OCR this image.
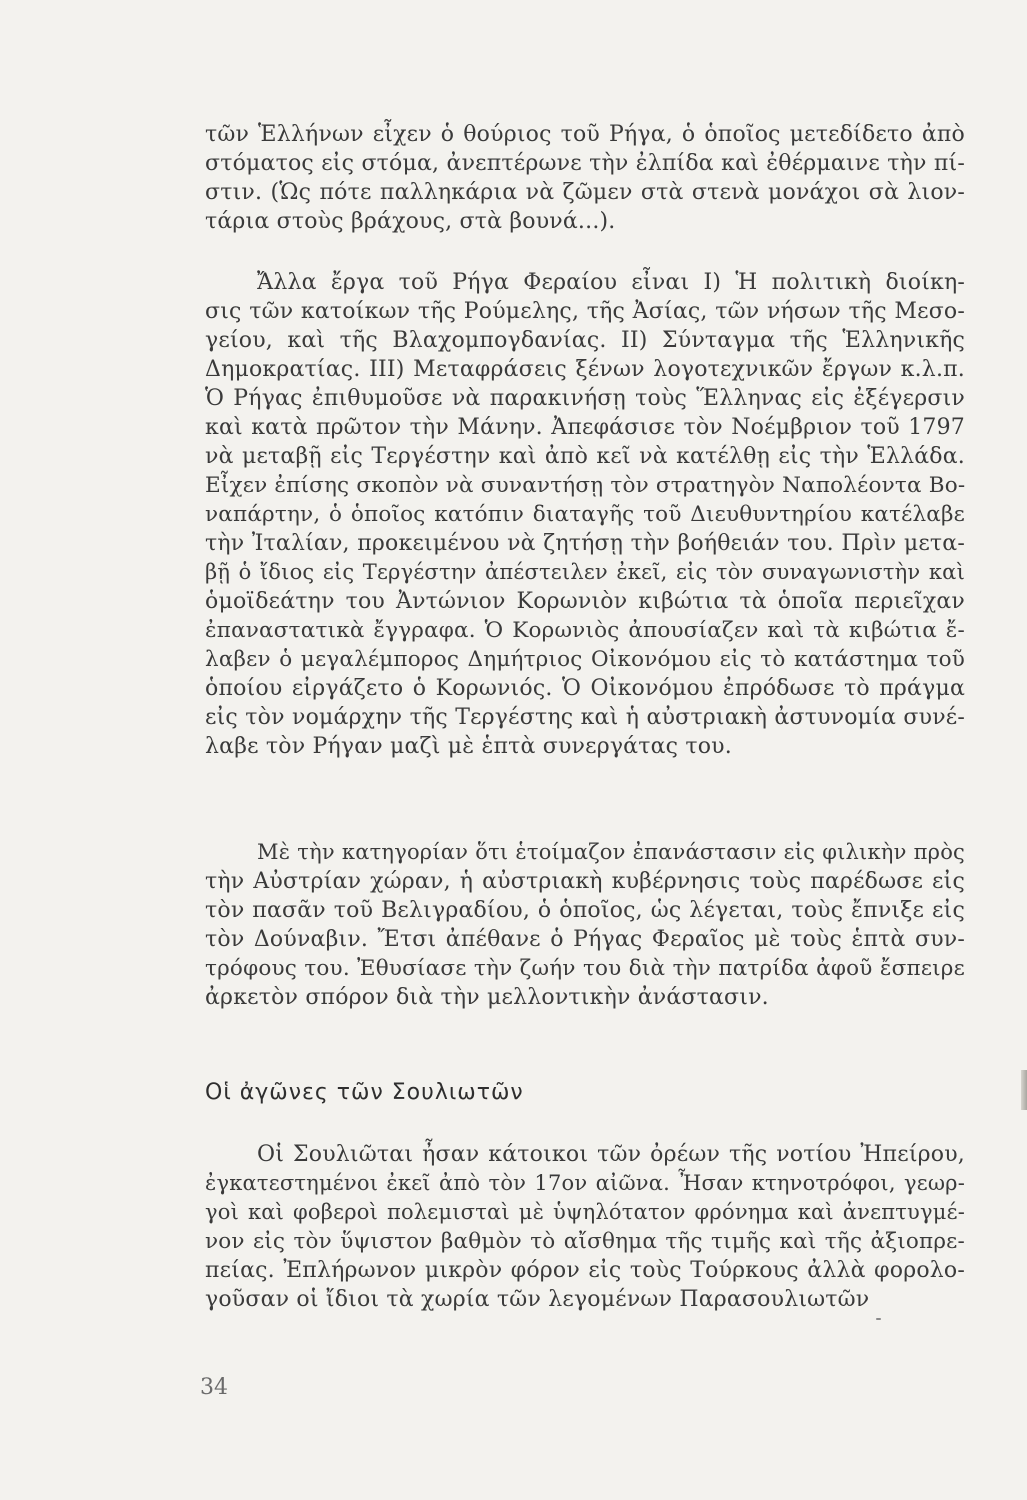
τῶν Ἑλλήνων εἶχεν ὁ θούριος τοῦ Ρήγα, ὁ ὁποῖος μετεδίδετο ἀπὸ
στόματος εἰς στόμα, ἀνεπτέρωνε τὴν ἐλπίδα καὶ ἐθέρμαινε τὴν πί-
στιν. (Ὡς πότε παλληκάρια νὰ ζῶμεν στὰ στενὰ μονάχοι σὰ λιον-
τάρια στοὺς βράχους, στὰ βουνά...).
Ἄλλα ἔργα τοῦ Ρήγα Φεραίου εἶναι Ι) Ἡ πολιτικὴ διοίκη-
σις τῶν κατοίκων τῆς Ρούμελης, τῆς Ἀσίας, τῶν νήσων τῆς Μεσο-
γείου, καὶ τῆς Βλαχομπογδανίας. ΙΙ) Σύνταγμα τῆς Ἑλληνικῆς
Δημοκρατίας. ΙΙΙ) Μεταφράσεις ξένων λογοτεχνικῶν ἔργων κ.λ.π.
Ὁ Ρήγας ἐπιθυμοῦσε νὰ παρακινήσῃ τοὺς Ἕλληνας εἰς ἐξέγερσιν
καὶ κατὰ πρῶτον τὴν Μάνην. Ἀπεφάσισε τὸν Νοέμβριον τοῦ 1797
νὰ μεταβῇ εἰς Τεργέστην καὶ ἀπὸ κεῖ νὰ κατέλθῃ εἰς τὴν Ἑλλάδα.
Εἶχεν ἐπίσης σκοπὸν νὰ συναντήσῃ τὸν στρατηγὸν Ναπολέοντα Βο-
ναπάρτην, ὁ ὁποῖος κατόπιν διαταγῆς τοῦ Διευθυντηρίου κατέλαβε
τὴν Ἰταλίαν, προκειμένου νὰ ζητήσῃ τὴν βοήθειάν του. Πρὶν μετα-
βῇ ὁ ἴδιος εἰς Τεργέστην ἀπέστειλεν ἐκεῖ, εἰς τὸν συναγωνιστὴν καὶ
ὁμοϊδεάτην του Ἀντώνιον Κορωνιὸν κιβώτια τὰ ὁποῖα περιεῖχαν
ἐπαναστατικὰ ἔγγραφα. Ὁ Κορωνιὸς ἀπουσίαζεν καὶ τὰ κιβώτια ἔ-
λαβεν ὁ μεγαλέμπορος Δημήτριος Οἰκονόμου εἰς τὸ κατάστημα τοῦ
ὁποίου εἰργάζετο ὁ Κορωνιός. Ὁ Οἰκονόμου ἐπρόδωσε τὸ πράγμα
εἰς τὸν νομάρχην τῆς Τεργέστης καὶ ἡ αὐστριακὴ ἀστυνομία συνέ-
λαβε τὸν Ρήγαν μαζὶ μὲ ἑπτὰ συνεργάτας του.
Μὲ τὴν κατηγορίαν ὅτι ἑτοίμαζον ἐπανάστασιν εἰς φιλικὴν πρὸς
τὴν Αὐστρίαν χώραν, ἡ αὐστριακὴ κυβέρνησις τοὺς παρέδωσε εἰς
τὸν πασᾶν τοῦ Βελιγραδίου, ὁ ὁποῖος, ὡς λέγεται, τοὺς ἔπνιξε εἰς
τὸν Δούναβιν. Ἔτσι ἀπέθανε ὁ Ρήγας Φεραῖος μὲ τοὺς ἑπτὰ συν-
τρόφους του. Ἐθυσίασε τὴν ζωήν του διὰ τὴν πατρίδα ἀφοῦ ἔσπειρε
ἀρκετὸν σπόρον διὰ τὴν μελλοντικὴν ἀνάστασιν.
Οἱ ἀγῶνες τῶν Σουλιωτῶν
Οἱ Σουλιῶται ἦσαν κάτοικοι τῶν ὀρέων τῆς νοτίου Ἠπείρου,
ἐγκατεστημένοι ἐκεῖ ἀπὸ τὸν 17ον αἰῶνα. Ἦσαν κτηνοτρόφοι, γεωρ-
γοὶ καὶ φοβεροὶ πολεμισταὶ μὲ ὑψηλότατον φρόνημα καὶ ἀνεπτυγμέ-
νον εἰς τὸν ὕψιστον βαθμὸν τὸ αἴσθημα τῆς τιμῆς καὶ τῆς ἀξιοπρε-
πείας. Ἐπλήρωνον μικρὸν φόρον εἰς τοὺς Τούρκους ἀλλὰ φορολο-
γοῦσαν οἱ ἴδιοι τὰ χωρία τῶν λεγομένων Παρασουλιωτῶν
34
